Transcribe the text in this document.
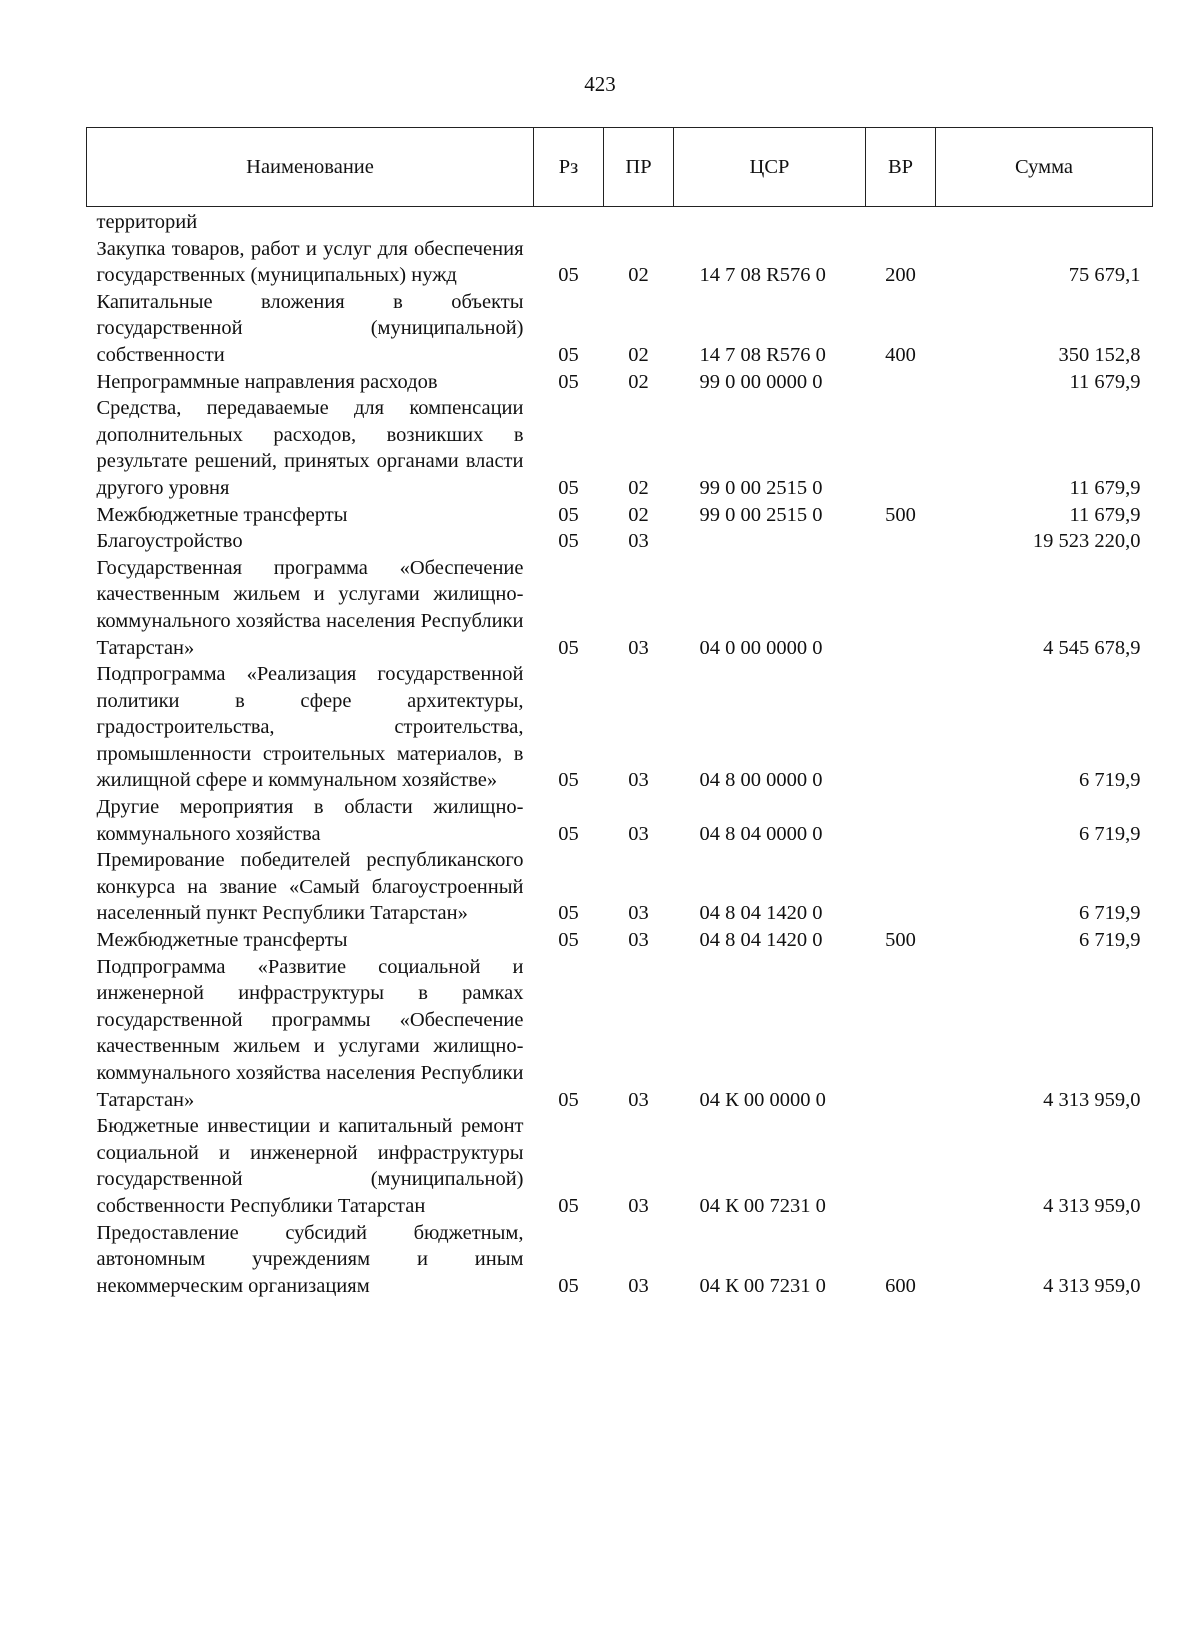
423
Наименование	Рз	ПР	ЦСР	ВР	Сумма
территорий					
Закупка товаров, работ и услуг для обеспечения государственных (муниципальных) нужд	05	02	14 7 08 R576 0	200	75 679,1
Капитальные вложения в объекты государственной (муниципальной) собственности	05	02	14 7 08 R576 0	400	350 152,8
Непрограммные направления расходов	05	02	99 0 00 0000 0		11 679,9
Средства, передаваемые для компенсации дополнительных расходов, возникших в результате решений, принятых органами власти другого уровня	05	02	99 0 00 2515 0		11 679,9
Межбюджетные трансферты	05	02	99 0 00 2515 0	500	11 679,9
Благоустройство	05	03			19 523 220,0
Государственная программа «Обеспечение качественным жильем и услугами жилищно-коммунального хозяйства населения Республики Татарстан»	05	03	04 0 00 0000 0		4 545 678,9
Подпрограмма «Реализация государственной политики в сфере архитектуры, градостроительства, строительства, промышленности строительных материалов, в жилищной сфере и коммунальном хозяйстве»	05	03	04 8 00 0000 0		6 719,9
Другие мероприятия в области жилищно-коммунального хозяйства	05	03	04 8 04 0000 0		6 719,9
Премирование победителей республиканского конкурса на звание «Самый благоустроенный населенный пункт Республики Татарстан»	05	03	04 8 04 1420 0		6 719,9
Межбюджетные трансферты	05	03	04 8 04 1420 0	500	6 719,9
Подпрограмма «Развитие социальной и инженерной инфраструктуры в рамках государственной программы «Обеспечение качественным жильем и услугами жилищно-коммунального хозяйства населения Республики Татарстан»	05	03	04 К 00 0000 0		4 313 959,0
Бюджетные инвестиции и капитальный ремонт социальной и инженерной инфраструктуры государственной (муниципальной) собственности Республики Татарстан	05	03	04 К 00 7231 0		4 313 959,0
Предоставление субсидий бюджетным, автономным учреждениям и иным некоммерческим организациям	05	03	04 К 00 7231 0	600	4 313 959,0
